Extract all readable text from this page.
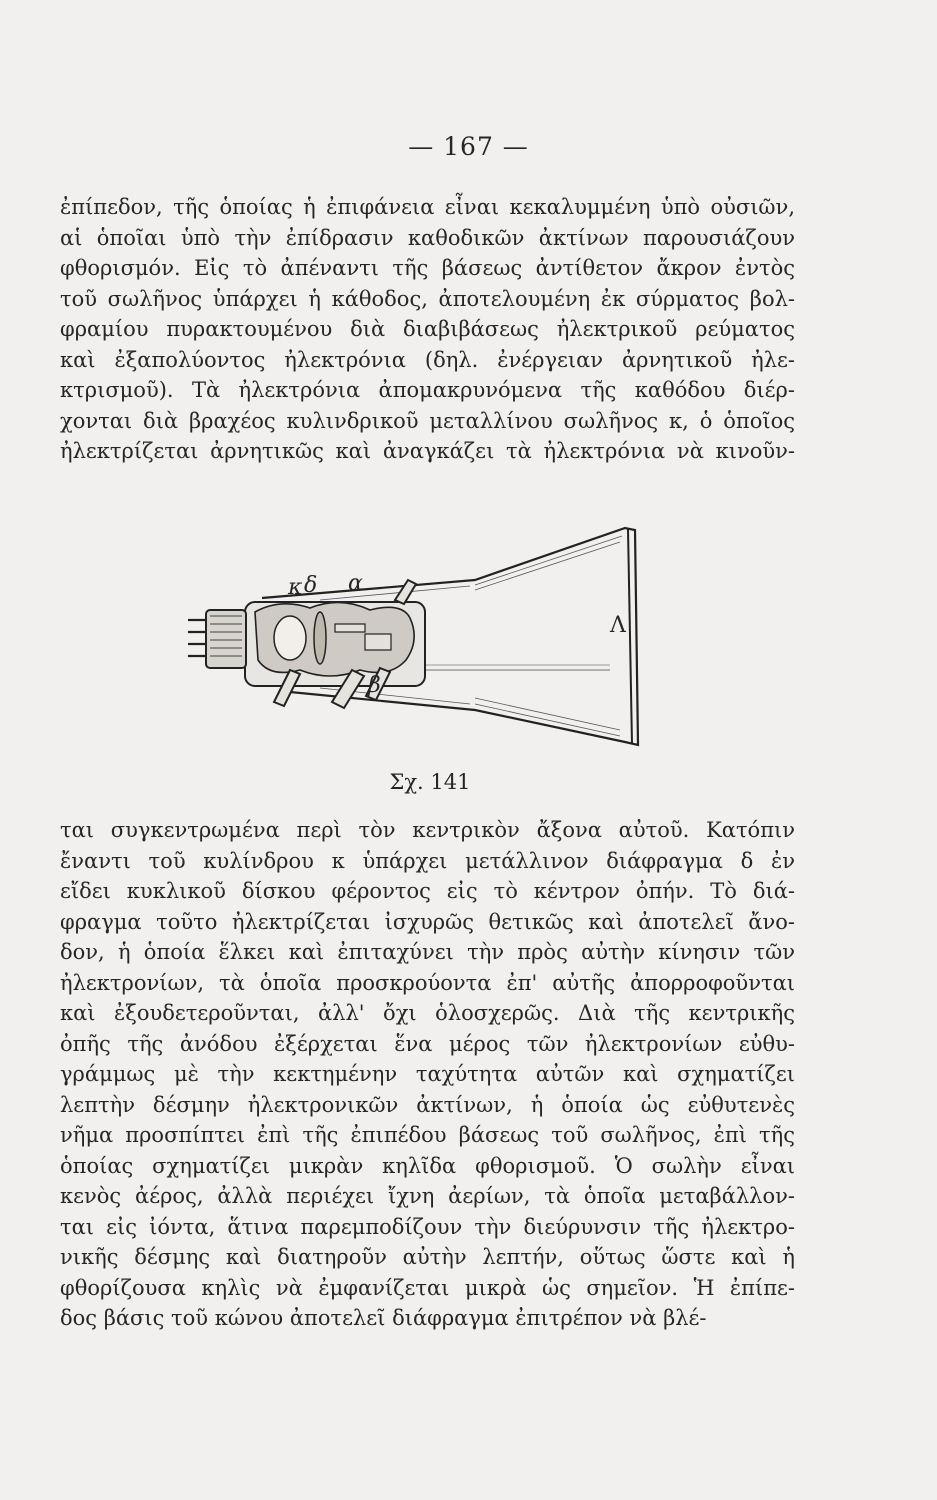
— 167 —
ἐπίπεδον, τῆς ὁποίας ἡ ἐπιφάνεια εἶναι κεκαλυμμένη ὑπὸ οὐσιῶν,
αἱ ὁποῖαι ὑπὸ τὴν ἐπίδρασιν καθοδικῶν ἀκτίνων παρουσιάζουν
φθορισμόν. Εἰς τὸ ἀπέναντι τῆς βάσεως ἀντίθετον ἄκρον ἐντὸς
τοῦ σωλῆνος ὑπάρχει ἡ κάθοδος, ἀποτελουμένη ἐκ σύρματος βολ-
φραμίου πυρακτουμένου διὰ διαβιβάσεως ἠλεκτρικοῦ ρεύματος
καὶ ἐξαπολύοντος ἠλεκτρόνια (δηλ. ἐνέργειαν ἀρνητικοῦ ἠλε-
κτρισμοῦ). Τὰ ἠλεκτρόνια ἀπομακρυνόμενα τῆς καθόδου διέρ-
χονται διὰ βραχέος κυλινδρικοῦ μεταλλίνου σωλῆνος κ, ὁ ὁποῖος
ἠλεκτρίζεται ἀρνητικῶς καὶ ἀναγκάζει τὰ ἠλεκτρόνια νὰ κινοῦν-
κ δ α
β
Λ
Σχ. 141
ται συγκεντρωμένα περὶ τὸν κεντρικὸν ἄξονα αὐτοῦ. Κατόπιν
ἔναντι τοῦ κυλίνδρου κ ὑπάρχει μετάλλινον διάφραγμα δ ἐν
εἴδει κυκλικοῦ δίσκου φέροντος εἰς τὸ κέντρον ὀπήν. Τὸ διά-
φραγμα τοῦτο ἠλεκτρίζεται ἰσχυρῶς θετικῶς καὶ ἀποτελεῖ ἄνο-
δον, ἡ ὁποία ἕλκει καὶ ἐπιταχύνει τὴν πρὸς αὐτὴν κίνησιν τῶν
ἠλεκτρονίων, τὰ ὁποῖα προσκρούοντα ἐπ' αὐτῆς ἀπορροφοῦνται
καὶ ἐξουδετεροῦνται, ἀλλ' ὄχι ὁλοσχερῶς. Διὰ τῆς κεντρικῆς
ὀπῆς τῆς ἀνόδου ἐξέρχεται ἕνα μέρος τῶν ἠλεκτρονίων εὐθυ-
γράμμως μὲ τὴν κεκτημένην ταχύτητα αὐτῶν καὶ σχηματίζει
λεπτὴν δέσμην ἠλεκτρονικῶν ἀκτίνων, ἡ ὁποία ὡς εὐθυτενὲς
νῆμα προσπίπτει ἐπὶ τῆς ἐπιπέδου βάσεως τοῦ σωλῆνος, ἐπὶ τῆς
ὁποίας σχηματίζει μικρὰν κηλῖδα φθορισμοῦ. Ὁ σωλὴν εἶναι
κενὸς ἀέρος, ἀλλὰ περιέχει ἴχνη ἀερίων, τὰ ὁποῖα μεταβάλλον-
ται εἰς ἰόντα, ἅτινα παρεμποδίζουν τὴν διεύρυνσιν τῆς ἠλεκτρο-
νικῆς δέσμης καὶ διατηροῦν αὐτὴν λεπτήν, οὕτως ὥστε καὶ ἡ
φθορίζουσα κηλὶς νὰ ἐμφανίζεται μικρὰ ὡς σημεῖον. Ἡ ἐπίπε-
δος βάσις τοῦ κώνου ἀποτελεῖ διάφραγμα ἐπιτρέπον νὰ βλέ-
